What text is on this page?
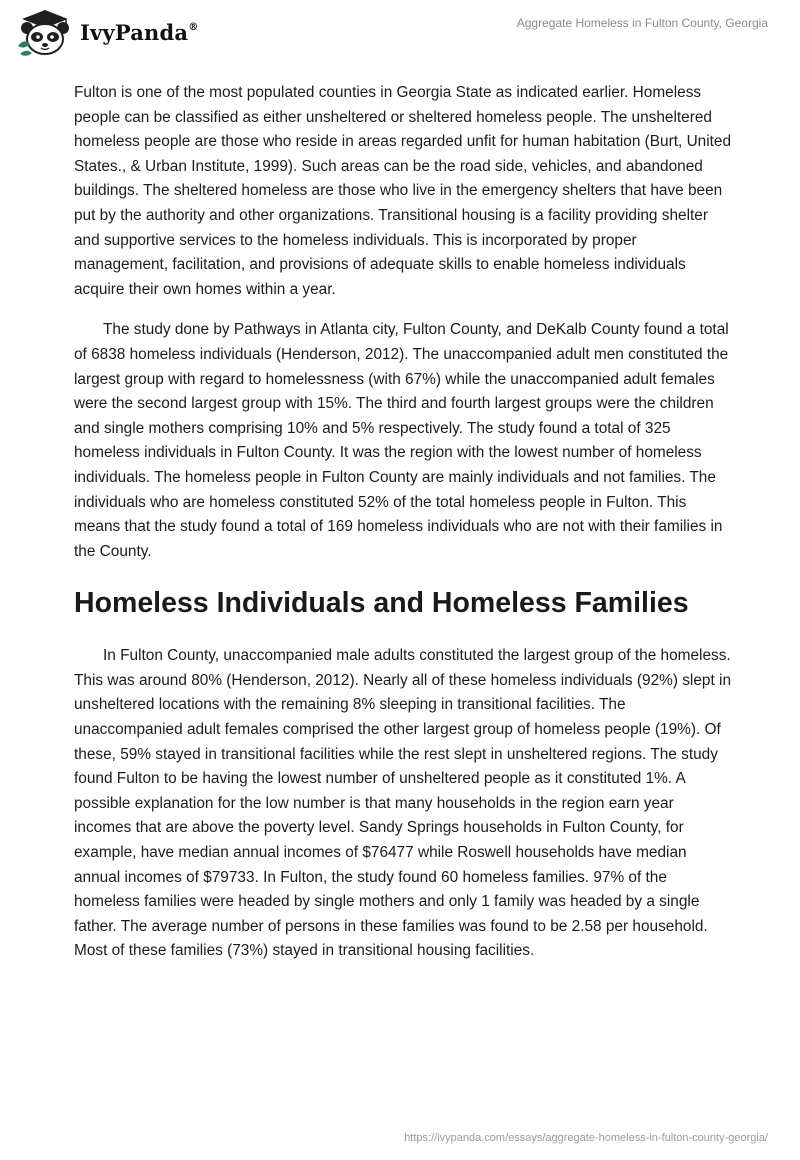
IvyPanda®	Aggregate Homeless in Fulton County, Georgia

Fulton is one of the most populated counties in Georgia State as indicated earlier. Homeless people can be classified as either unsheltered or sheltered homeless people. The unsheltered homeless people are those who reside in areas regarded unfit for human habitation (Burt, United States., & Urban Institute, 1999). Such areas can be the road side, vehicles, and abandoned buildings. The sheltered homeless are those who live in the emergency shelters that have been put by the authority and other organizations. Transitional housing is a facility providing shelter and supportive services to the homeless individuals. This is incorporated by proper management, facilitation, and provisions of adequate skills to enable homeless individuals acquire their own homes within a year.

The study done by Pathways in Atlanta city, Fulton County, and DeKalb County found a total of 6838 homeless individuals (Henderson, 2012). The unaccompanied adult men constituted the largest group with regard to homelessness (with 67%) while the unaccompanied adult females were the second largest group with 15%. The third and fourth largest groups were the children and single mothers comprising 10% and 5% respectively. The study found a total of 325 homeless individuals in Fulton County. It was the region with the lowest number of homeless individuals. The homeless people in Fulton County are mainly individuals and not families. The individuals who are homeless constituted 52% of the total homeless people in Fulton. This means that the study found a total of 169 homeless individuals who are not with their families in the County.

Homeless Individuals and Homeless Families

In Fulton County, unaccompanied male adults constituted the largest group of the homeless. This was around 80% (Henderson, 2012). Nearly all of these homeless individuals (92%) slept in unsheltered locations with the remaining 8% sleeping in transitional facilities. The unaccompanied adult females comprised the other largest group of homeless people (19%). Of these, 59% stayed in transitional facilities while the rest slept in unsheltered regions. The study found Fulton to be having the lowest number of unsheltered people as it constituted 1%. A possible explanation for the low number is that many households in the region earn year incomes that are above the poverty level. Sandy Springs households in Fulton County, for example, have median annual incomes of $76477 while Roswell households have median annual incomes of $79733. In Fulton, the study found 60 homeless families. 97% of the homeless families were headed by single mothers and only 1 family was headed by a single father. The average number of persons in these families was found to be 2.58 per household. Most of these families (73%) stayed in transitional housing facilities.

https://ivypanda.com/essays/aggregate-homeless-in-fulton-county-georgia/
